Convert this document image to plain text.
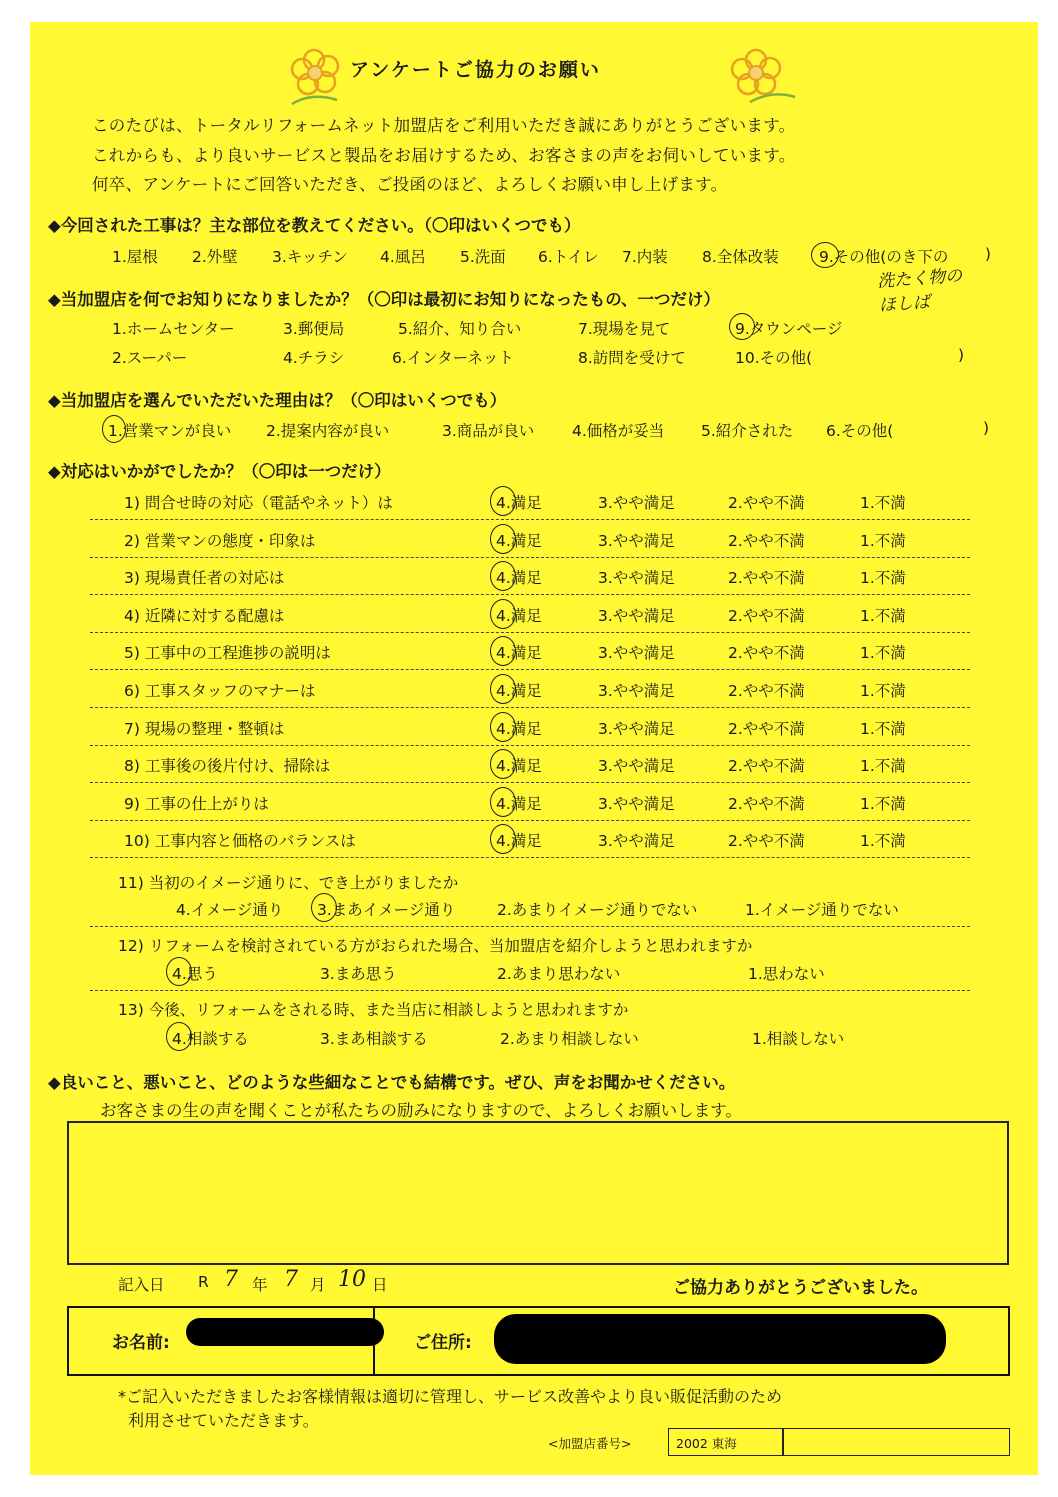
アンケートご協力のお願い
このたびは、トータルリフォームネット加盟店をご利用いただき誠にありがとうございます。
これからも、より良いサービスと製品をお届けするため、お客さまの声をお伺いしています。
何卒、アンケートにご回答いただき、ご投函のほど、よろしくお願い申し上げます。
◆今回された工事は？主な部位を教えてください。（〇印はいくつでも）
1.屋根 2.外壁 3.キッチン 4.風呂 5.洗面 6.トイレ 7.内装 8.全体改装	9.その他(のき下の )
洗たく物の
ほしば
◆当加盟店を何でお知りになりましたか？（〇印は最初にお知りになったもの、一つだけ）
1.ホームセンター	3.郵便局	5.紹介、知り合い	7.現場を見て	9.タウンページ
2.スーパー	4.チラシ	6.インターネット	8.訪問を受けて	10.その他(	)
◆当加盟店を選んでいただいた理由は？（〇印はいくつでも）
1.営業マンが良い 2.提案内容が良い	3.商品が良い 4.価格が妥当 5.紹介された 6.その他(	)
◆対応はいかがでしたか？（〇印は一つだけ）
1) 問合せ時の対応（電話やネット）は	4.満足	3.やや満足	2.やや不満	1.不満
2) 営業マンの態度・印象は	4.満足	3.やや満足	2.やや不満	1.不満
3) 現場責任者の対応は	4.満足	3.やや満足	2.やや不満	1.不満
4) 近隣に対する配慮は	4.満足	3.やや満足	2.やや不満	1.不満
5) 工事中の工程進捗の説明は	4.満足	3.やや満足	2.やや不満	1.不満
6) 工事スタッフのマナーは	4.満足	3.やや満足	2.やや不満	1.不満
7) 現場の整理・整頓は	4.満足	3.やや満足	2.やや不満	1.不満
8) 工事後の後片付け、掃除は	4.満足	3.やや満足	2.やや不満	1.不満
9) 工事の仕上がりは	4.満足	3.やや満足	2.やや不満	1.不満
10) 工事内容と価格のバランスは	4.満足	3.やや満足	2.やや不満	1.不満
11) 当初のイメージ通りに、でき上がりましたか
4.イメージ通り 3.まあイメージ通り	2.あまりイメージ通りでない	1.イメージ通りでない
12) リフォームを検討されている方がおられた場合、当加盟店を紹介しようと思われますか
4.思う	3.まあ思う	2.あまり思わない	1.思わない
13) 今後、リフォームをされる時、また当店に相談しようと思われますか
4.相談する	3.まあ相談する	2.あまり相談しない	1.相談しない
◆良いこと、悪いこと、どのような些細なことでも結構です。ぜひ、声をお聞かせください。
お客さまの生の声を聞くことが私たちの励みになりますので、よろしくお願いします。
記入日 R 7 年 7 月 10 日	ご協力ありがとうございました。
お名前:	ご住所:
*ご記入いただきましたお客様情報は適切に管理し、サービス改善やより良い販促活動のため
利用させていただきます。
<加盟店番号>	2002 東海
